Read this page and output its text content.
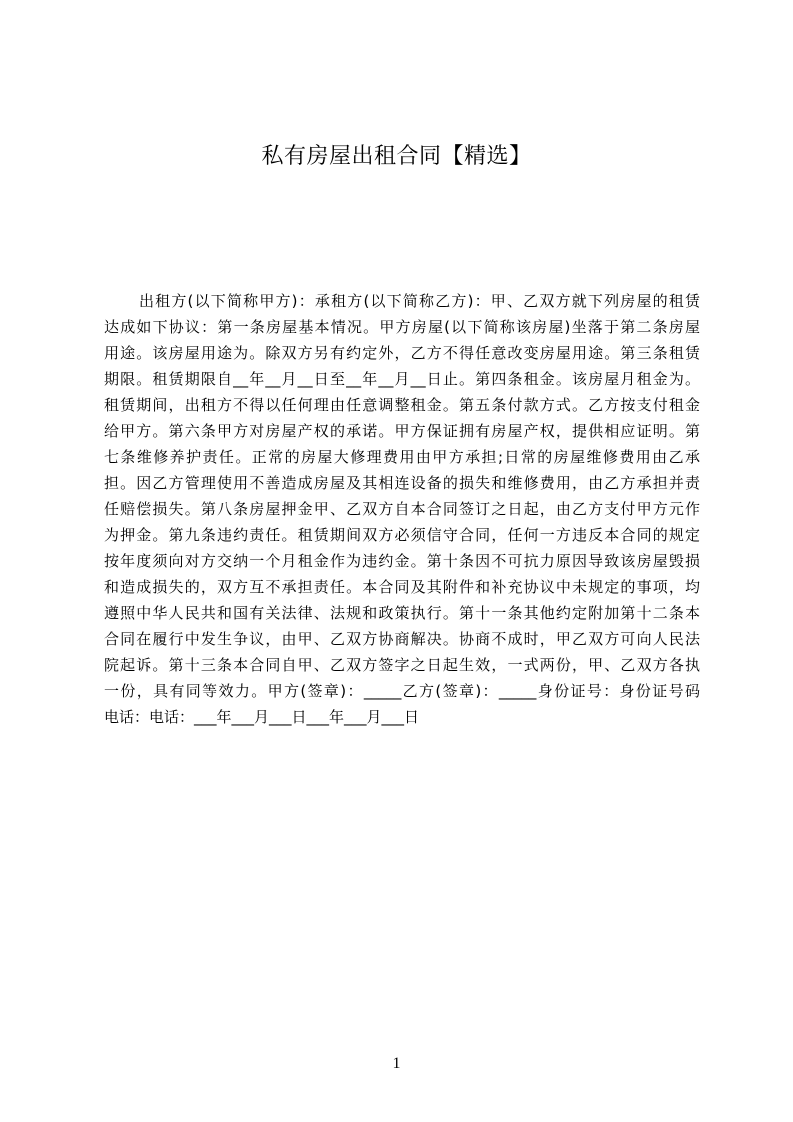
私有房屋出租合同【精选】
出租方(以下简称甲方)：承租方(以下简称乙方)：甲、乙双方就下列房屋的租赁
达成如下协议：第一条房屋基本情况。甲方房屋(以下简称该房屋)坐落于第二条房屋
用途。该房屋用途为。除双方另有约定外，乙方不得任意改变房屋用途。第三条租赁
期限。租赁期限自__年__月__日至__年__月__日止。第四条租金。该房屋月租金为。
租赁期间，出租方不得以任何理由任意调整租金。第五条付款方式。乙方按支付租金
给甲方。第六条甲方对房屋产权的承诺。甲方保证拥有房屋产权，提供相应证明。第
七条维修养护责任。正常的房屋大修理费用由甲方承担;日常的房屋维修费用由乙承
担。因乙方管理使用不善造成房屋及其相连设备的损失和维修费用，由乙方承担并责
任赔偿损失。第八条房屋押金甲、乙双方自本合同签订之日起，由乙方支付甲方元作
为押金。第九条违约责任。租赁期间双方必须信守合同，任何一方违反本合同的规定
按年度须向对方交纳一个月租金作为违约金。第十条因不可抗力原因导致该房屋毁损
和造成损失的，双方互不承担责任。本合同及其附件和补充协议中未规定的事项，均
遵照中华人民共和国有关法律、法规和政策执行。第十一条其他约定附加第十二条本
合同在履行中发生争议，由甲、乙双方协商解决。协商不成时，甲乙双方可向人民法
院起诉。第十三条本合同自甲、乙双方签字之日起生效，一式两份，甲、乙双方各执
一份，具有同等效力。甲方(签章)：_____乙方(签章)：_____身份证号：身份证号码
电话：电话：___年___月___日___年___月___日
1
